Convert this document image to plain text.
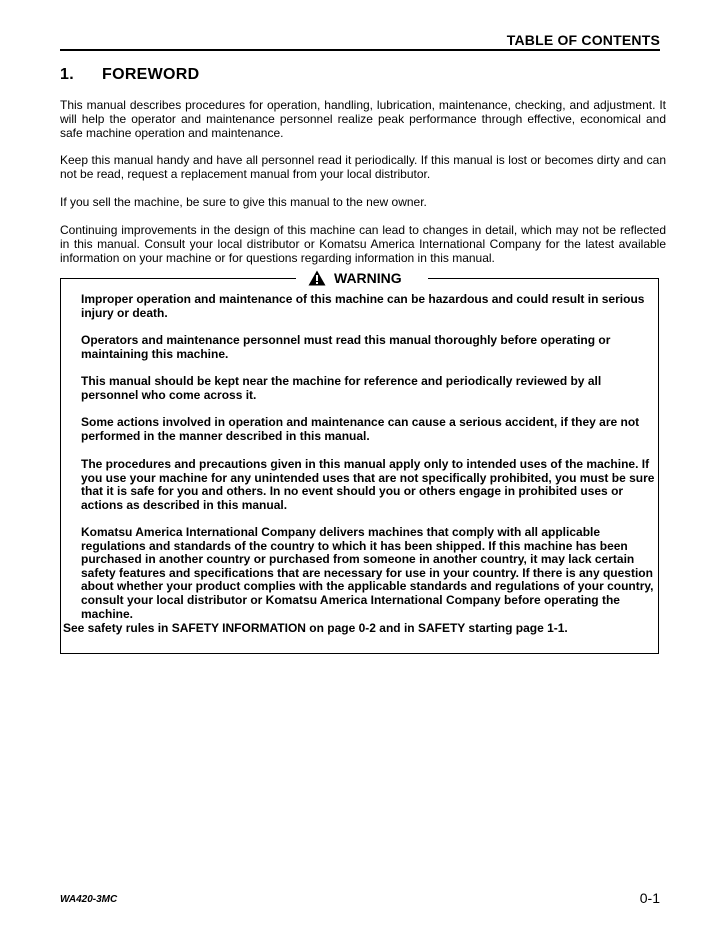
TABLE OF CONTENTS
1. FOREWORD
This manual describes procedures for operation, handling, lubrication, maintenance, checking, and adjustment. It will help the operator and maintenance personnel realize peak performance through effective, economical and safe machine operation and maintenance.
Keep this manual handy and have all personnel read it periodically. If this manual is lost or becomes dirty and can not be read, request a replacement manual from your local distributor.
If you sell the machine, be sure to give this manual to the new owner.
Continuing improvements in the design of this machine can lead to changes in detail, which may not be reflected in this manual. Consult your local distributor or Komatsu America International Company for the latest available information on your machine or for questions regarding information in this manual.
WARNING
Improper operation and maintenance of this machine can be hazardous and could result in serious injury or death.
Operators and maintenance personnel must read this manual thoroughly before operating or maintaining this machine.
This manual should be kept near the machine for reference and periodically reviewed by all personnel who come across it.
Some actions involved in operation and maintenance can cause a serious accident, if they are not performed in the manner described in this manual.
The procedures and precautions given in this manual apply only to intended uses of the machine. If you use your machine for any unintended uses that are not specifically prohibited, you must be sure that it is safe for you and others. In no event should you or others engage in prohibited uses or actions as described in this manual.
Komatsu America International Company delivers machines that comply with all applicable regulations and standards of the country to which it has been shipped. If this machine has been purchased in another country or purchased from someone in another country, it may lack certain safety features and specifications that are necessary for use in your country. If there is any question about whether your product complies with the applicable standards and regulations of your country, consult your local distributor or Komatsu America International Company before operating the machine.
See safety rules in SAFETY INFORMATION on page 0-2 and in SAFETY starting page 1-1.
WA420-3MC	0-1
